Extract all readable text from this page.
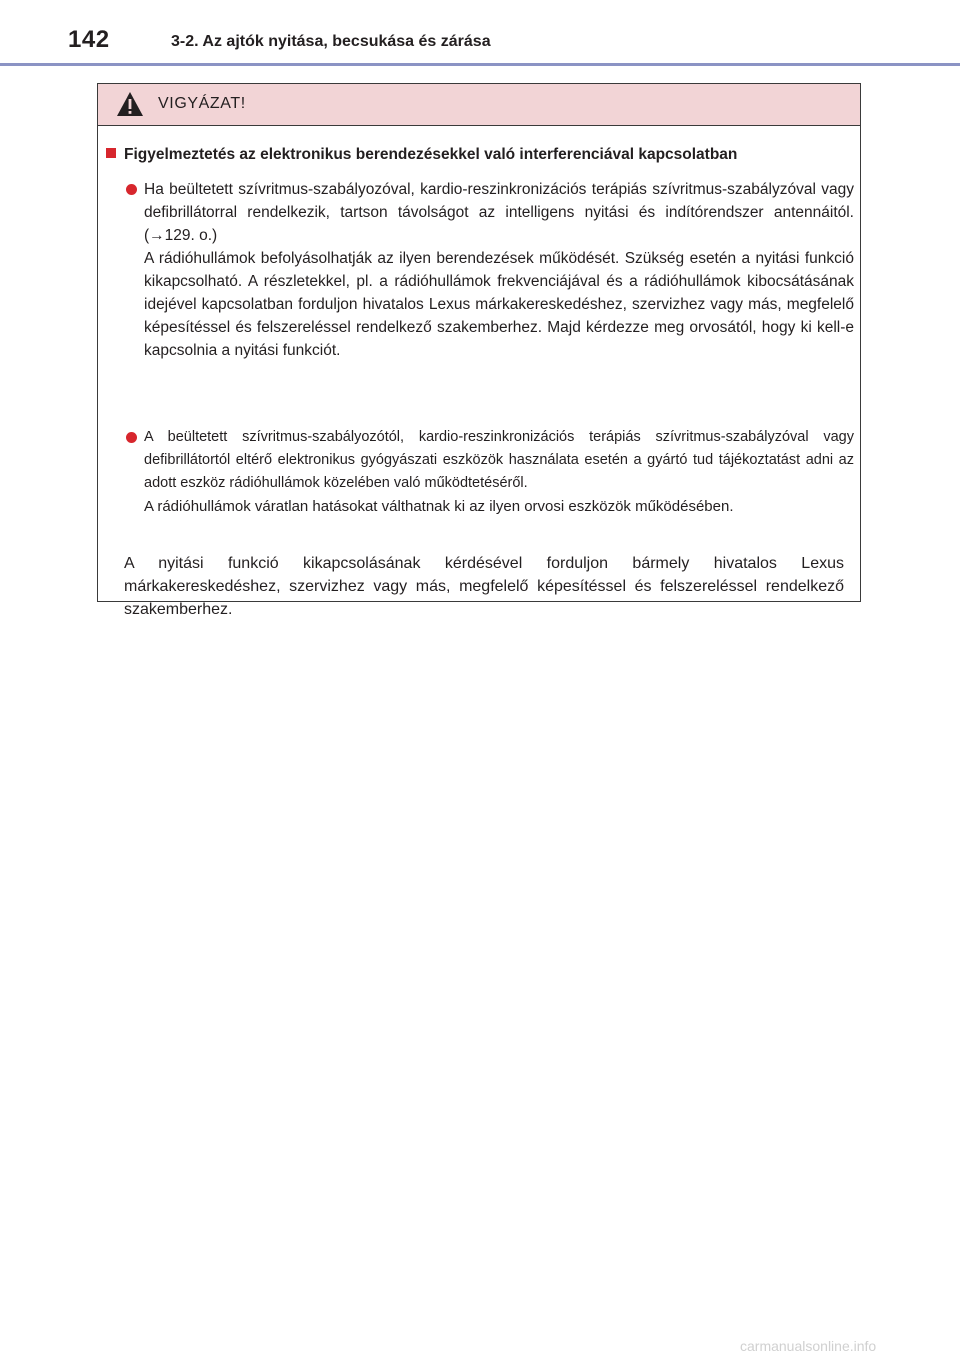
142	3-2. Az ajtók nyitása, becsukása és zárása
VIGYÁZAT!
Figyelmeztetés az elektronikus berendezésekkel való interferenciával kapcsolatban

Ha beültetett szívritmus-szabályozóval, kardio-reszinkronizációs terápiás szívritmus-szabályzóval vagy defibrillátorral rendelkezik, tartson távolságot az intelligens nyitási és indítórendszer antennáitól. (→129. o.)

A rádióhullámok befolyásolhatják az ilyen berendezések működését. Szükség esetén a nyitási funkció kikapcsolható. A részletekkel, pl. a rádióhullámok frekvenciájával és a rádióhullámok kibocsátásának idejével kapcsolatban forduljon hivatalos Lexus márkakereskedéshez, szervizhez vagy más, megfelelő képesítéssel és felszereléssel rendelkező szakemberhez. Majd kérdezze meg orvosától, hogy ki kell-e kapcsolnia a nyitási funkciót.

A beültetett szívritmus-szabályozótól, kardio-reszinkronizációs terápiás szívritmus-szabályzóval vagy defibrillátortól eltérő elektronikus gyógyászati eszközök használata esetén a gyártó tud tájékoztatást adni az adott eszköz rádióhullámok közelében való működtetéséről.

A rádióhullámok váratlan hatásokat válthatnak ki az ilyen orvosi eszközök működésében.

A nyitási funkció kikapcsolásának kérdésével forduljon bármely hivatalos Lexus márkakereskedéshez, szervizhez vagy más, megfelelő képesítéssel és felszereléssel rendelkező szakemberhez.
carmanualsonline.info
